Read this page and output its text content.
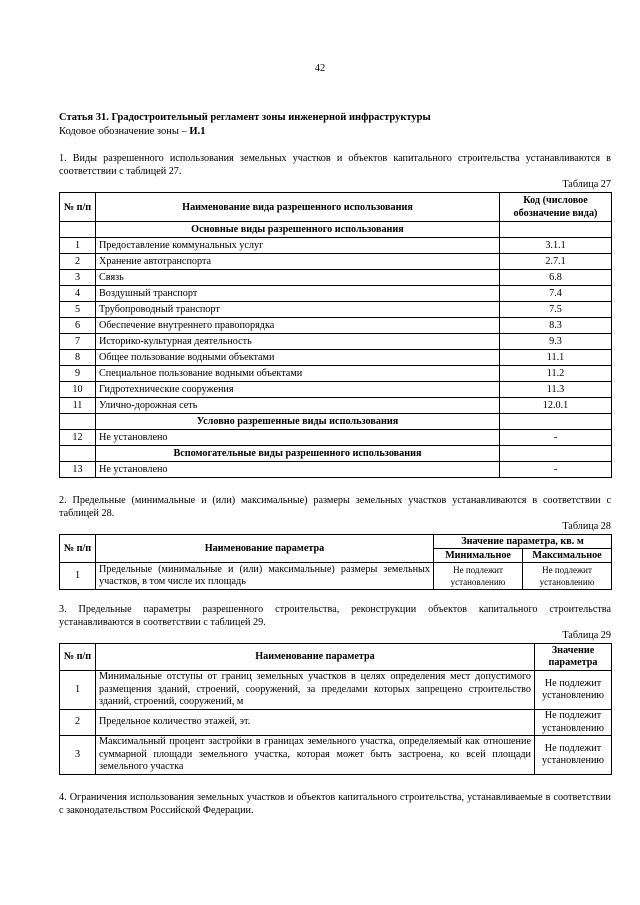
42
Статья 31. Градостроительный регламент зоны инженерной инфраструктуры
Кодовое обозначение зоны – И.1
1. Виды разрешенного использования земельных участков и объектов капитального строительства устанавливаются в соответствии с таблицей 27.
Таблица 27
№ п/п	Наименование вида разрешенного использования	Код (числовое обозначение вида)
	Основные виды разрешенного использования	
1	Предоставление коммунальных услуг	3.1.1
2	Хранение автотранспорта	2.7.1
3	Связь	6.8
4	Воздушный транспорт	7.4
5	Трубопроводный транспорт	7.5
6	Обеспечение внутреннего правопорядка	8.3
7	Историко-культурная деятельность	9.3
8	Общее пользование водными объектами	11.1
9	Специальное пользование водными объектами	11.2
10	Гидротехнические сооружения	11.3
11	Улично-дорожная сеть	12.0.1
	Условно разрешенные виды использования	
12	Не установлено	-
	Вспомогательные виды разрешенного использования	
13	Не установлено	-
2. Предельные (минимальные и (или) максимальные) размеры земельных участков устанавливаются в соответствии с таблицей 28.
Таблица 28
№ п/п	Наименование параметра	Значение параметра, кв. м	
		Минимальное	Максимальное
1	Предельные (минимальные и (или) максимальные) размеры земельных участков, в том числе их площадь	Не подлежит установлению	Не подлежит установлению
3. Предельные параметры разрешенного строительства, реконструкции объектов капитального строительства устанавливаются в соответствии с таблицей 29.
Таблица 29
№ п/п	Наименование параметра	Значение параметра
1	Минимальные отступы от границ земельных участков в целях определения мест допустимого размещения зданий, строений, сооружений, за пределами которых запрещено строительство зданий, строений, сооружений, м	Не подлежит установлению
2	Предельное количество этажей, эт.	Не подлежит установлению
3	Максимальный процент застройки в границах земельного участка, определяемый как отношение суммарной площади земельного участка, которая может быть застроена, ко всей площади земельного участка	Не подлежит установлению
4. Ограничения использования земельных участков и объектов капитального строительства, устанавливаемые в соответствии с законодательством Российской Федерации.
